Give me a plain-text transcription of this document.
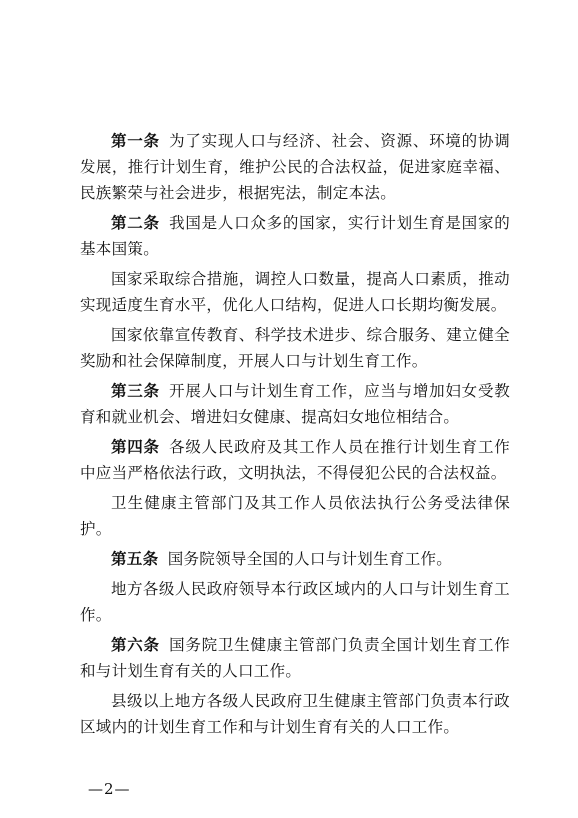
第一条 为了实现人口与经济、社会、资源、环境的协调发展，推行计划生育，维护公民的合法权益，促进家庭幸福、民族繁荣与社会进步，根据宪法，制定本法。

第二条 我国是人口众多的国家，实行计划生育是国家的基本国策。

国家采取综合措施，调控人口数量，提高人口素质，推动实现适度生育水平，优化人口结构，促进人口长期均衡发展。

国家依靠宣传教育、科学技术进步、综合服务、建立健全奖励和社会保障制度，开展人口与计划生育工作。

第三条 开展人口与计划生育工作，应当与增加妇女受教育和就业机会、增进妇女健康、提高妇女地位相结合。

第四条 各级人民政府及其工作人员在推行计划生育工作中应当严格依法行政，文明执法，不得侵犯公民的合法权益。

卫生健康主管部门及其工作人员依法执行公务受法律保护。

第五条 国务院领导全国的人口与计划生育工作。

地方各级人民政府领导本行政区域内的人口与计划生育工作。

第六条 国务院卫生健康主管部门负责全国计划生育工作和与计划生育有关的人口工作。

县级以上地方各级人民政府卫生健康主管部门负责本行政区域内的计划生育工作和与计划生育有关的人口工作。

—2—
